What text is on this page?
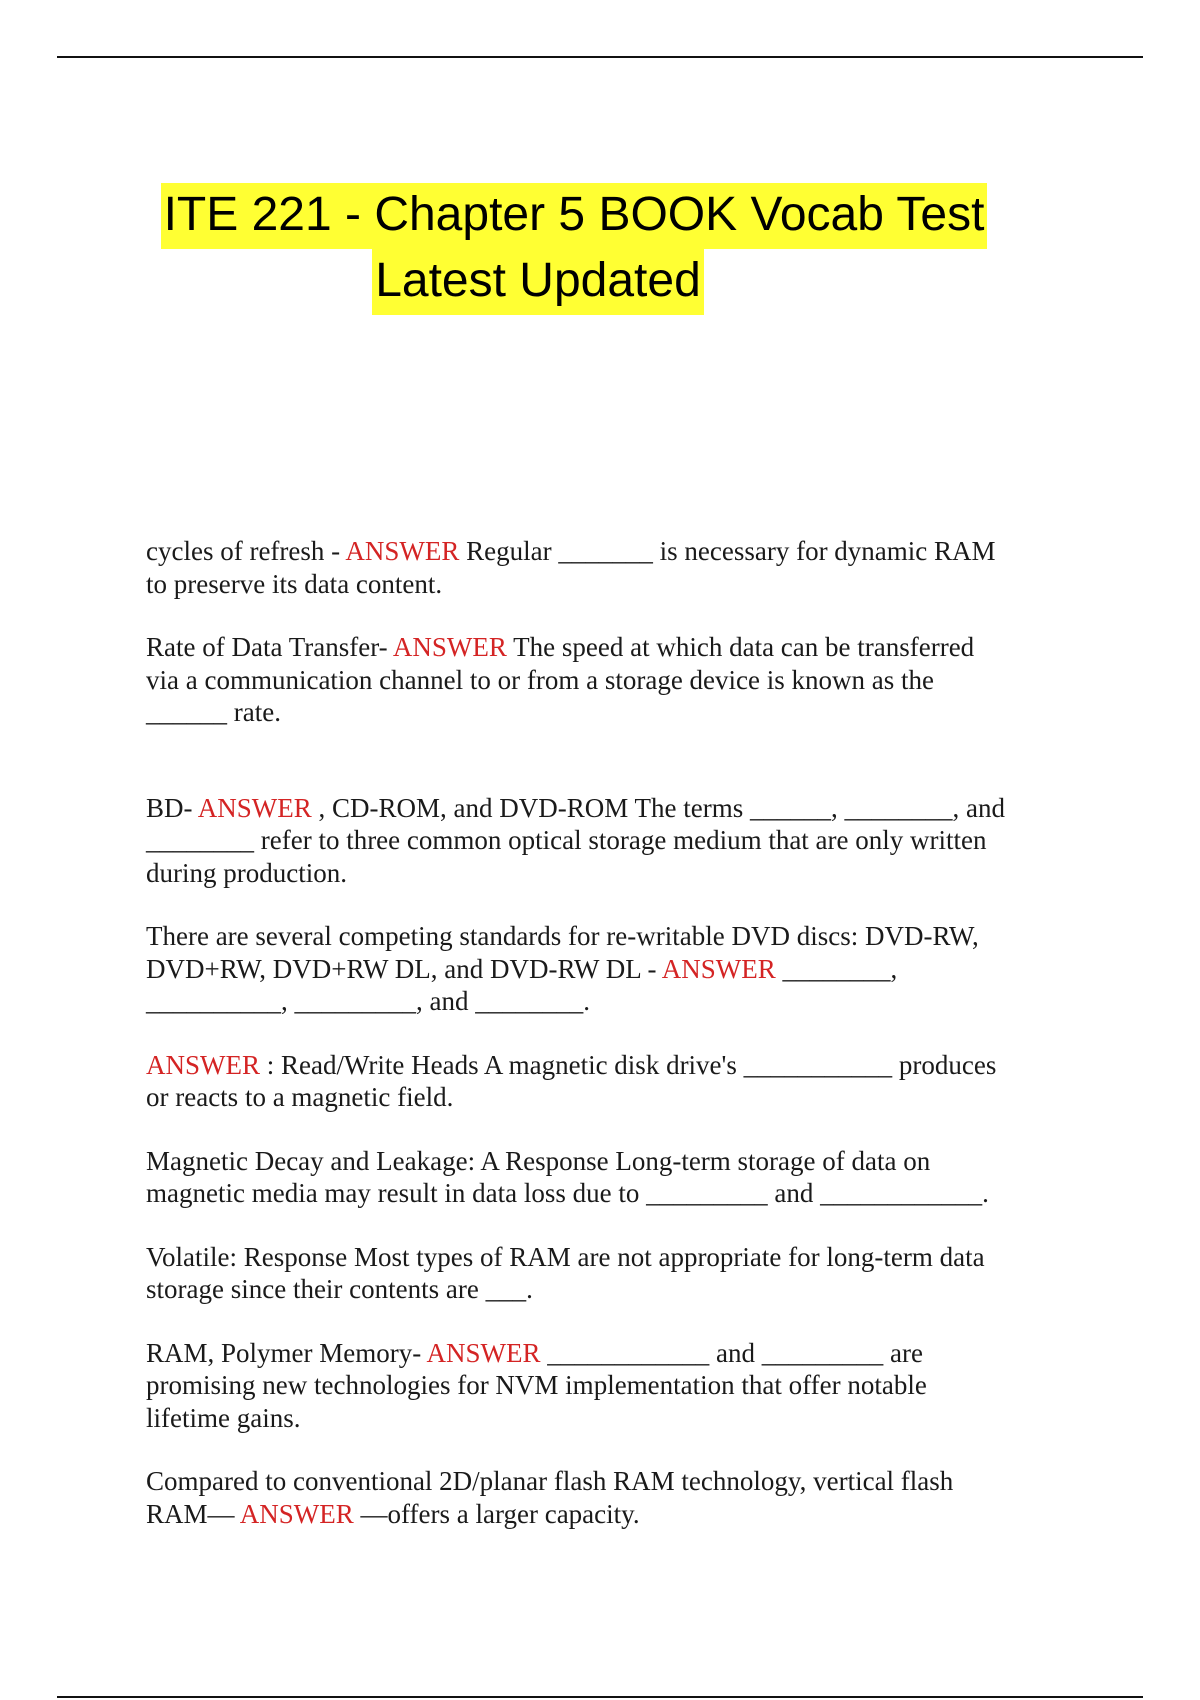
ITE 221 - Chapter 5 BOOK Vocab Test
Latest Updated

cycles of refresh - ANSWER Regular _______ is necessary for dynamic RAM
to preserve its data content.

Rate of Data Transfer- ANSWER The speed at which data can be transferred
via a communication channel to or from a storage device is known as the
______ rate.

BD- ANSWER , CD-ROM, and DVD-ROM The terms ______, ________, and
________ refer to three common optical storage medium that are only written
during production.

There are several competing standards for re-writable DVD discs: DVD-RW,
DVD+RW, DVD+RW DL, and DVD-RW DL - ANSWER ________,
__________, _________, and ________.

ANSWER : Read/Write Heads A magnetic disk drive's ___________ produces
or reacts to a magnetic field.

Magnetic Decay and Leakage: A Response Long-term storage of data on
magnetic media may result in data loss due to _________ and ____________.

Volatile: Response Most types of RAM are not appropriate for long-term data
storage since their contents are ___.

RAM, Polymer Memory- ANSWER ____________ and _________ are
promising new technologies for NVM implementation that offer notable
lifetime gains.

Compared to conventional 2D/planar flash RAM technology, vertical flash
RAM— ANSWER —offers a larger capacity.
